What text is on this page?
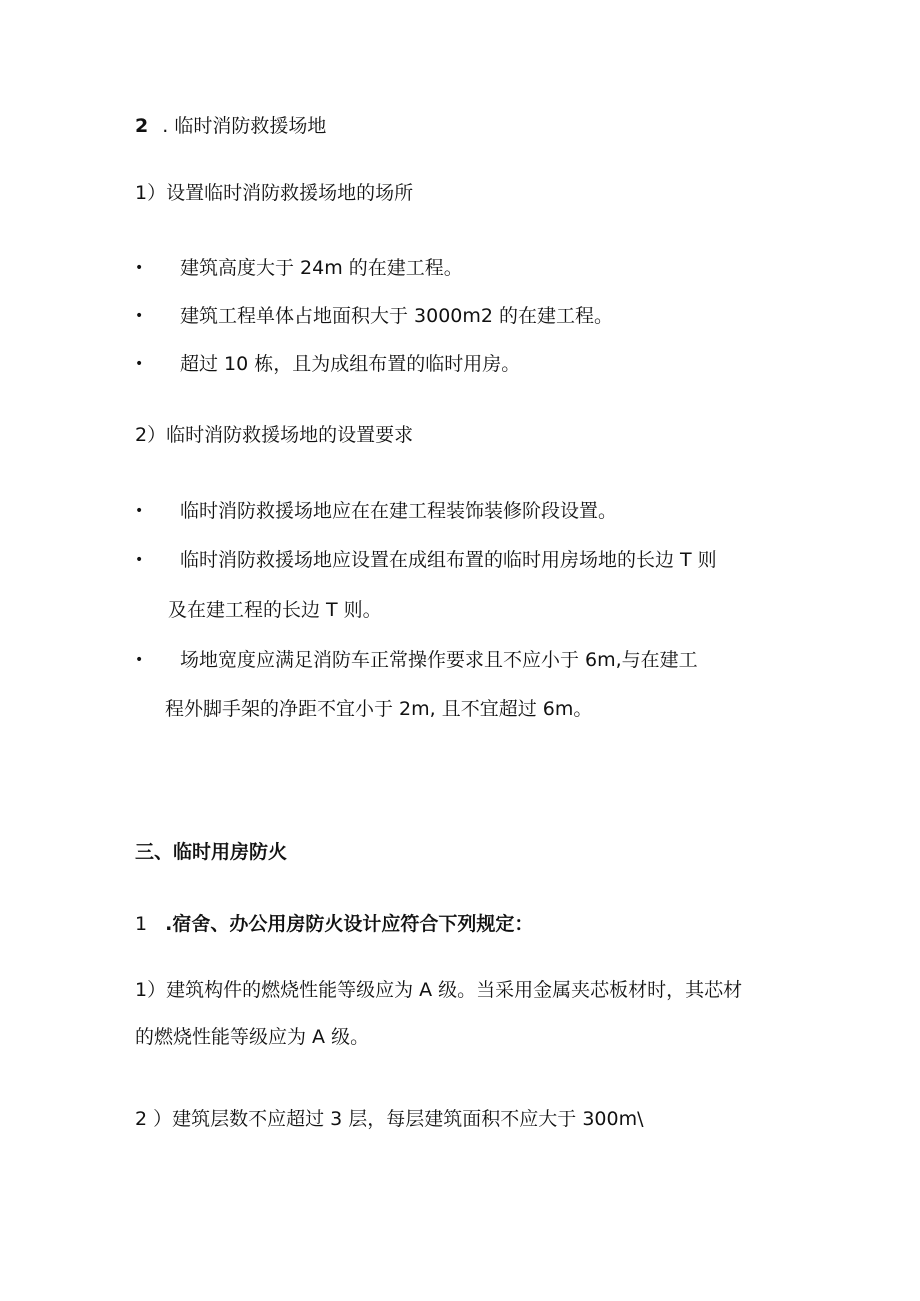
2 . 临时消防救援场地
1）设置临时消防救援场地的场所
• 建筑高度大于 24m 的在建工程。
• 建筑工程单体占地面积大于 3000m2 的在建工程。
• 超过 10 栋，且为成组布置的临时用房。
2）临时消防救援场地的设置要求
• 临时消防救援场地应在在建工程装饰装修阶段设置。
• 临时消防救援场地应设置在成组布置的临时用房场地的长边 T 则
及在建工程的长边 T 则。
• 场地宽度应满足消防车正常操作要求且不应小于 6m,与在建工
程外脚手架的净距不宜小于 2m, 且不宜超过 6m。
三、临时用房防火
1 .宿舍、办公用房防火设计应符合下列规定：
1）建筑构件的燃烧性能等级应为 A 级。当采用金属夹芯板材时，其芯材
的燃烧性能等级应为 A 级。
2 ）建筑层数不应超过 3 层，每层建筑面积不应大于 300m\
